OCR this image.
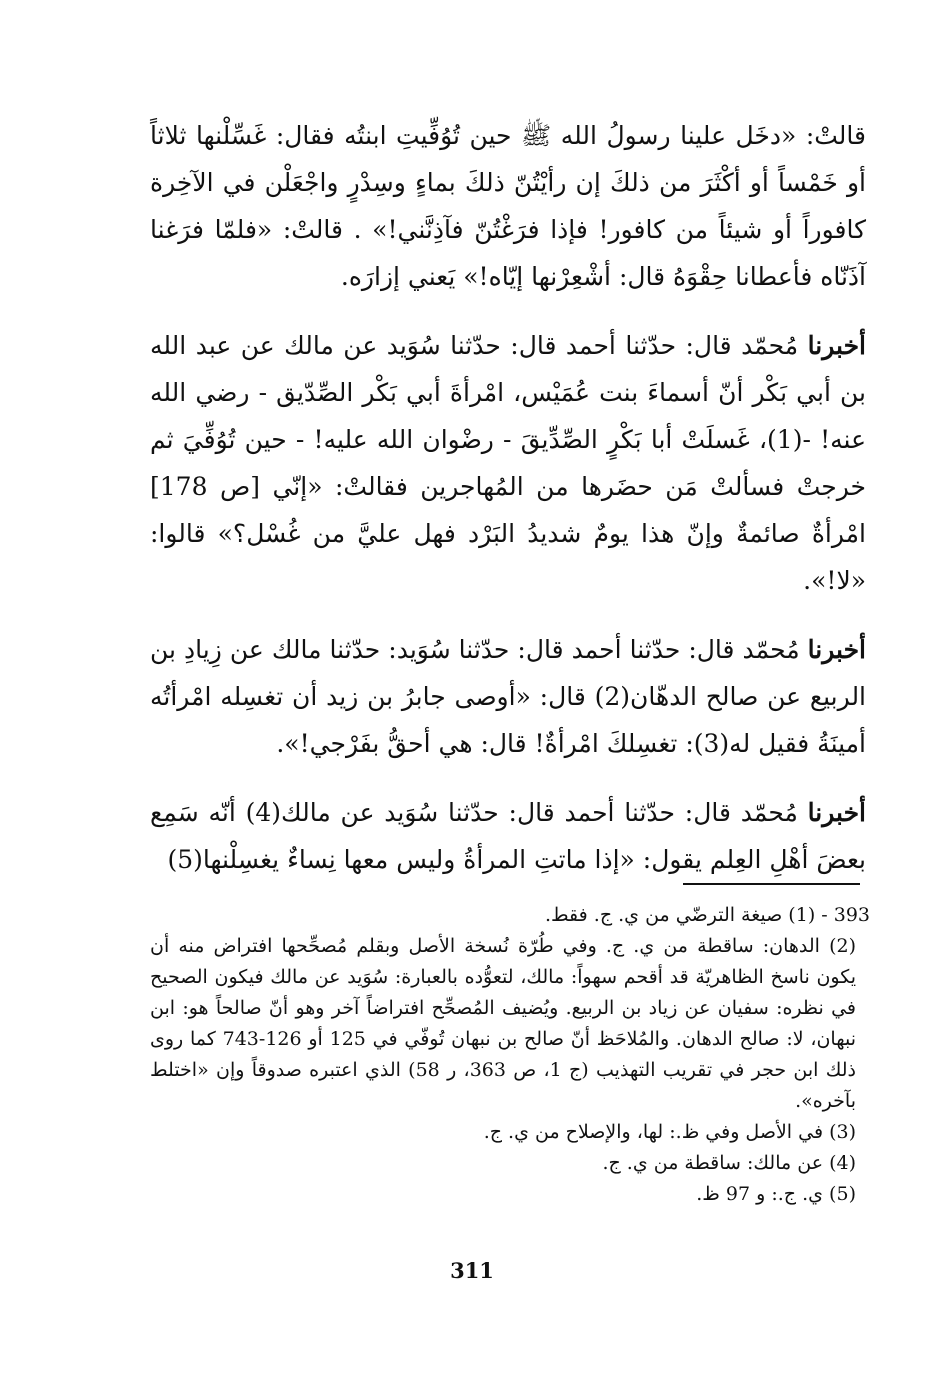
قالتْ: «دخَل علينا رسولُ الله ﷺ حين تُوُفِّيتِ ابنتُه فقال: غَسِّلْنها ثلاثاً أو خَمْساً أو أكْثَرَ من ذلكَ إن رأيْتُنّ ذلكَ بماءٍ وسِدْرٍ واجْعَلْن في الآخِرة كافوراً أو شيئاً من كافور! فإذا فرَغْتُنّ فآذِنَّني!» . قالتْ: «فلمّا فرَغنا آذَنّاه فأعطانا حِقْوَهُ قال: أشْعِرْنها إيّاه!» يَعني إزارَه.

أخبرنا مُحمّد قال: حدّثنا أحمد قال: حدّثنا سُوَيد عن مالك عن عبد الله بن أبي بَكْر أنّ أسماءَ بنت عُمَيْس، امْرأةَ أبي بَكْر الصِّدّيق - رضي الله عنه! -(1)، غَسلَتْ أبا بَكْرٍ الصِّدِّيقَ - رضْوان الله عليه! - حين تُوُفِّيَ ثم خرجتْ فسألتْ مَن حضَرها من المُهاجرين فقالتْ: «إنّي [ص 178] امْرأةٌ صائمةٌ وإنّ هذا يومٌ شديدُ البَرْد فهل عليَّ من غُسْل؟» قالوا: «لا!».

أخبرنا مُحمّد قال: حدّثنا أحمد قال: حدّثنا سُوَيد: حدّثنا مالك عن زِيادِ بن الربيع عن صالح الدهّان(2) قال: «أوصى جابرُ بن زيد أن تغسِله امْرأتُه أمينَةُ فقيل له(3): تغسِلكَ امْرأةٌ! قال: هي أحقُّ بفَرْجي!».

أخبرنا مُحمّد قال: حدّثنا أحمد قال: حدّثنا سُوَيد عن مالك(4) أنّه سَمِع بعضَ أهْلِ العِلم يقول: «إذا ماتتِ المرأةُ وليس معها نِساءٌ يغسِلْنها(5)

393 - (1) صيغة الترضّي من ي. ج. فقط.

(2) الدهان: ساقطة من ي. ج. وفي طُرّة نُسخة الأصل وبقلم مُصحِّحها افتراض منه أن يكون ناسخ الظاهريّة قد أقحم سهواً: مالك، لتعوُّده بالعبارة: سُوَيد عن مالك فيكون الصحيح في نظره: سفيان عن زياد بن الربيع. ويُضيف المُصحِّح افتراضاً آخر وهو أنّ صالحاً هو: ابن نبهان، لا: صالح الدهان. والمُلاحَظ أنّ صالح بن نبهان تُوفّي في 125 أو 126-743 كما روى ذلك ابن حجر في تقريب التهذيب (ج 1، ص 363، ر 58) الذي اعتبره صدوقاً وإن «اختلط بآخره».

(3) في الأصل وفي ظ.: لها، والإصلاح من ي. ج.

(4) عن مالك: ساقطة من ي. ج.

(5) ي. ج.: و 97 ظ.

311
